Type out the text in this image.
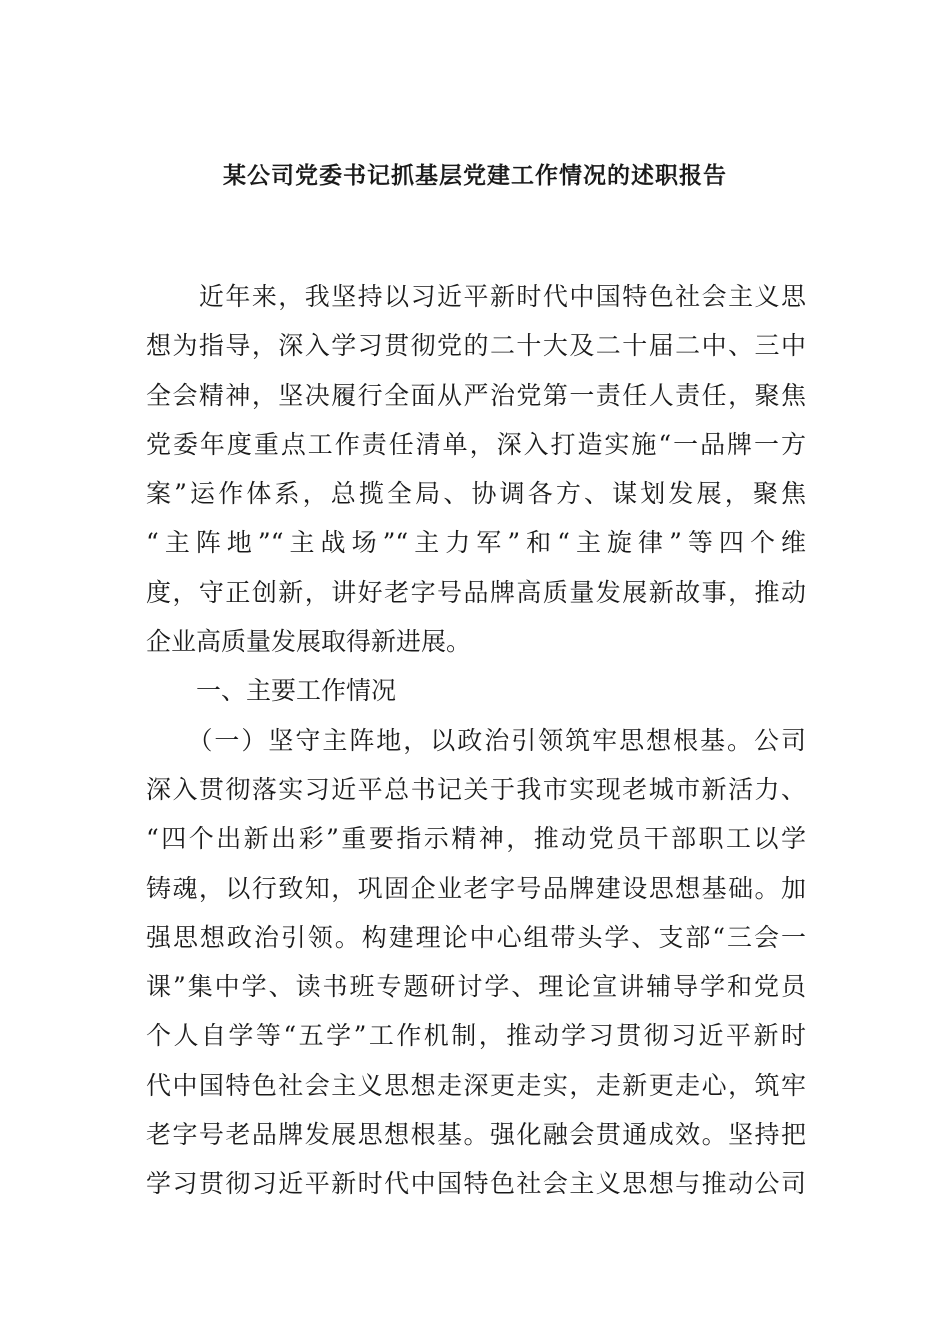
某公司党委书记抓基层党建工作情况的述职报告
　　近年来，我坚持以习近平新时代中国特色社会主义思
想为指导，深入学习贯彻党的二十大及二十届二中、三中
全会精神，坚决履行全面从严治党第一责任人责任，聚焦
党委年度重点工作责任清单，深入打造实施“一品牌一方
案”运作体系，总揽全局、协调各方、谋划发展，聚焦
“主阵地”“主战场”“主力军”和“主旋律”等四个维
度，守正创新，讲好老字号品牌高质量发展新故事，推动
企业高质量发展取得新进展。
　　一、主要工作情况
　　（一）坚守主阵地，以政治引领筑牢思想根基。公司
深入贯彻落实习近平总书记关于我市实现老城市新活力、
“四个出新出彩”重要指示精神，推动党员干部职工以学
铸魂，以行致知，巩固企业老字号品牌建设思想基础。加
强思想政治引领。构建理论中心组带头学、支部“三会一
课”集中学、读书班专题研讨学、理论宣讲辅导学和党员
个人自学等“五学”工作机制，推动学习贯彻习近平新时
代中国特色社会主义思想走深更走实，走新更走心，筑牢
老字号老品牌发展思想根基。强化融会贯通成效。坚持把
学习贯彻习近平新时代中国特色社会主义思想与推动公司
